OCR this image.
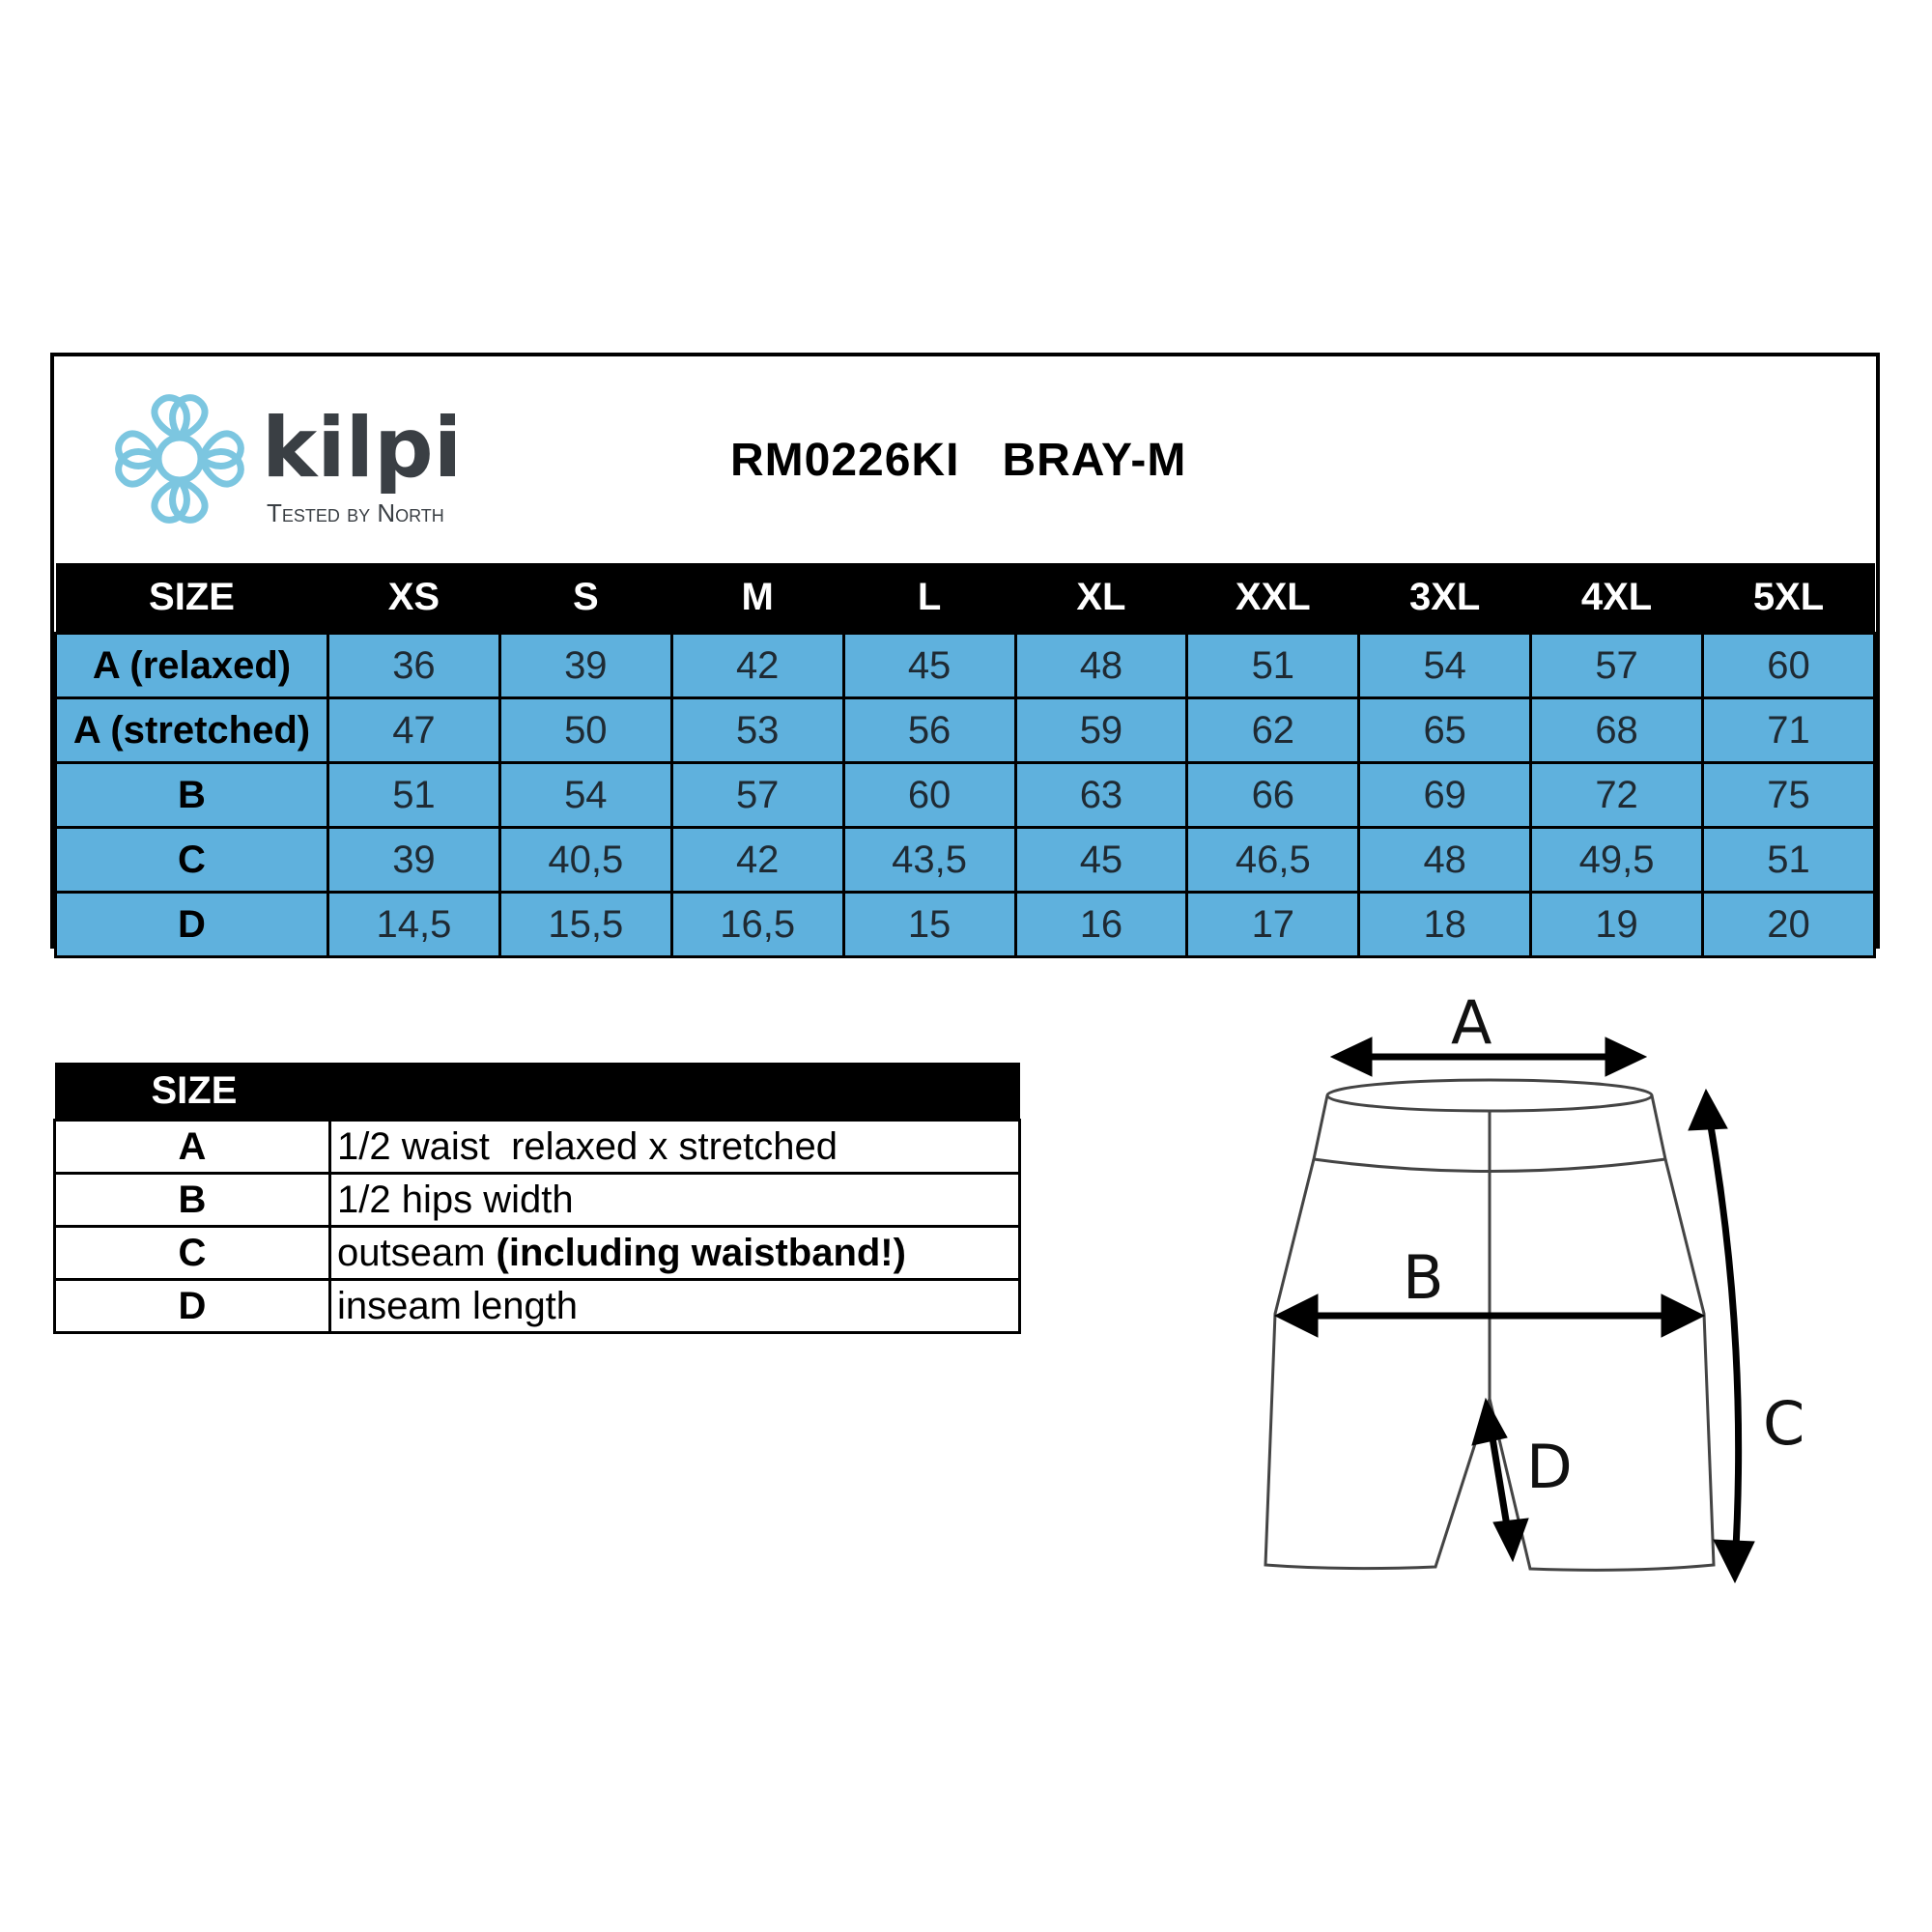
kilpi
Tested by North
RM0226KI BRAY-M
SIZE	XS	S	M	L	XL	XXL	3XL	4XL	5XL
A (relaxed)	36	39	42	45	48	51	54	57	60
A (stretched)	47	50	53	56	59	62	65	68	71
B	51	54	57	60	63	66	69	72	75
C	39	40,5	42	43,5	45	46,5	48	49,5	51
D	14,5	15,5	16,5	15	16	17	18	19	20
SIZE	
A	1/2 waist  relaxed x stretched
B	1/2 hips width
C	outseam (including waistband!)
D	inseam length
A
B
C
D
